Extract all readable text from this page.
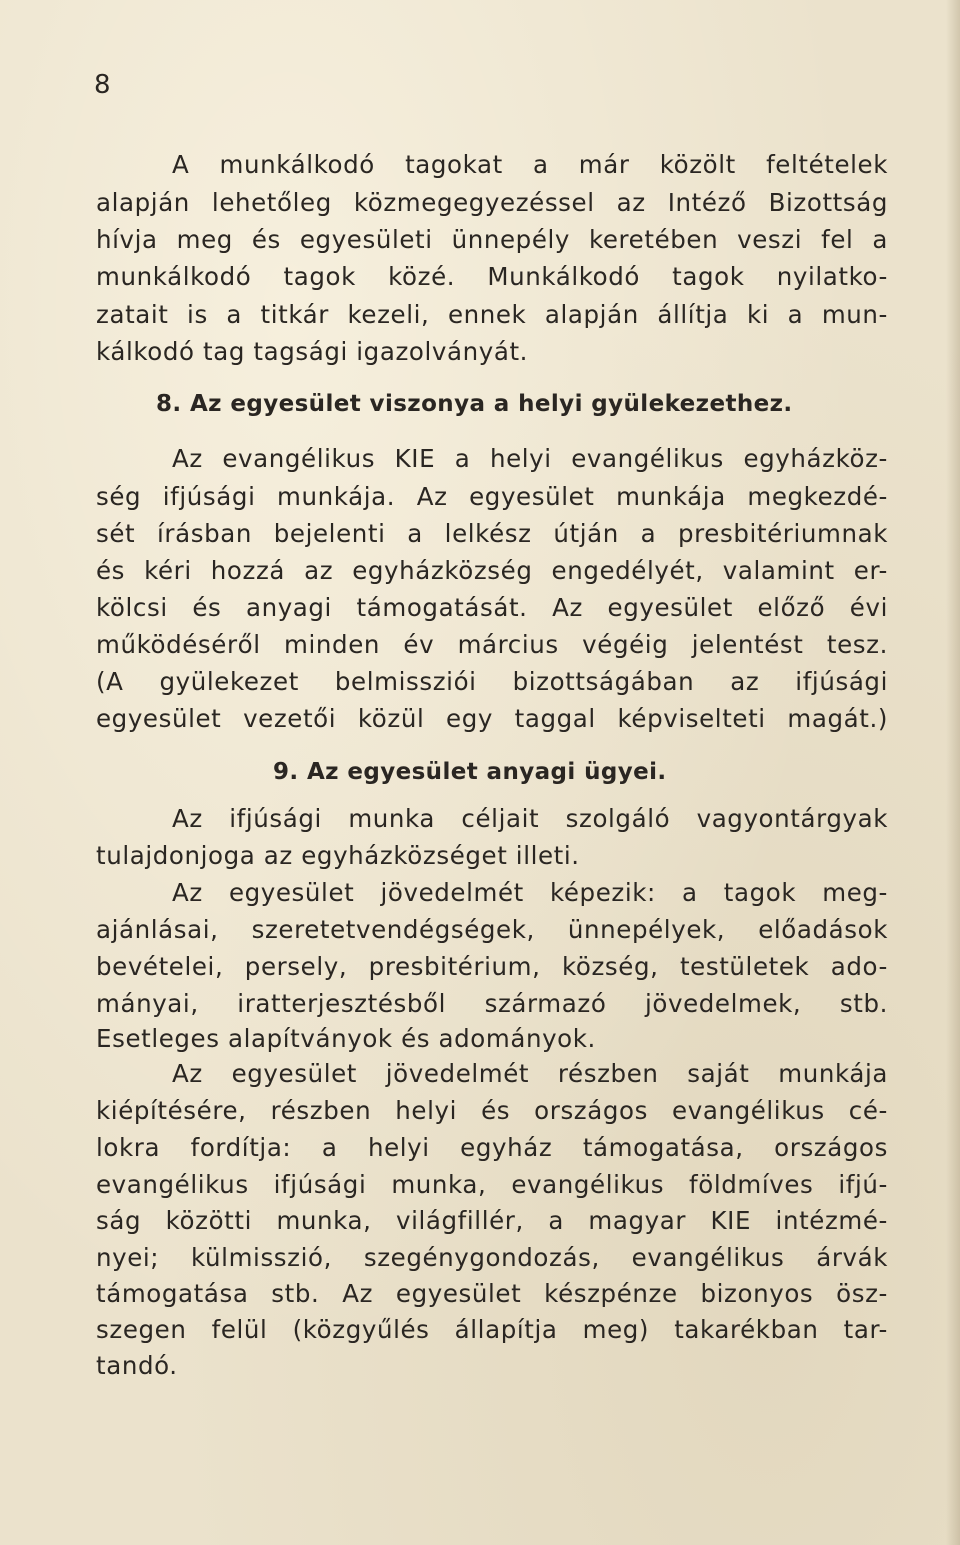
8
A munkálkodó tagokat a már közölt feltételek
alapján lehetőleg közmegegyezéssel az Intéző Bizottság
hívja meg és egyesületi ünnepély keretében veszi fel a
munkálkodó tagok közé. Munkálkodó tagok nyilatko-
zatait is a titkár kezeli, ennek alapján állítja ki a mun-
kálkodó tag tagsági igazolványát.
8. Az egyesület viszonya a helyi gyülekezethez.
Az evangélikus KIE a helyi evangélikus egyházköz-
ség ifjúsági munkája. Az egyesület munkája megkezdé-
sét írásban bejelenti a lelkész útján a presbitériumnak
és kéri hozzá az egyházközség engedélyét, valamint er-
kölcsi és anyagi támogatását. Az egyesület előző évi
működéséről minden év március végéig jelentést tesz.
(A gyülekezet belmissziói bizottságában az ifjúsági
egyesület vezetői közül egy taggal képviselteti magát.)
9. Az egyesület anyagi ügyei.
Az ifjúsági munka céljait szolgáló vagyontárgyak
tulajdonjoga az egyházközséget illeti.
Az egyesület jövedelmét képezik: a tagok meg-
ajánlásai, szeretetvendégségek, ünnepélyek, előadások
bevételei, persely, presbitérium, község, testületek ado-
mányai, iratterjesztésből származó jövedelmek, stb.
Esetleges alapítványok és adományok.
Az egyesület jövedelmét részben saját munkája
kiépítésére, részben helyi és országos evangélikus cé-
lokra fordítja: a helyi egyház támogatása, országos
evangélikus ifjúsági munka, evangélikus földmíves ifjú-
ság közötti munka, világfillér, a magyar KIE intézmé-
nyei; külmisszió, szegénygondozás, evangélikus árvák
támogatása stb. Az egyesület készpénze bizonyos ösz-
szegen felül (közgyűlés állapítja meg) takarékban tar-
tandó.
